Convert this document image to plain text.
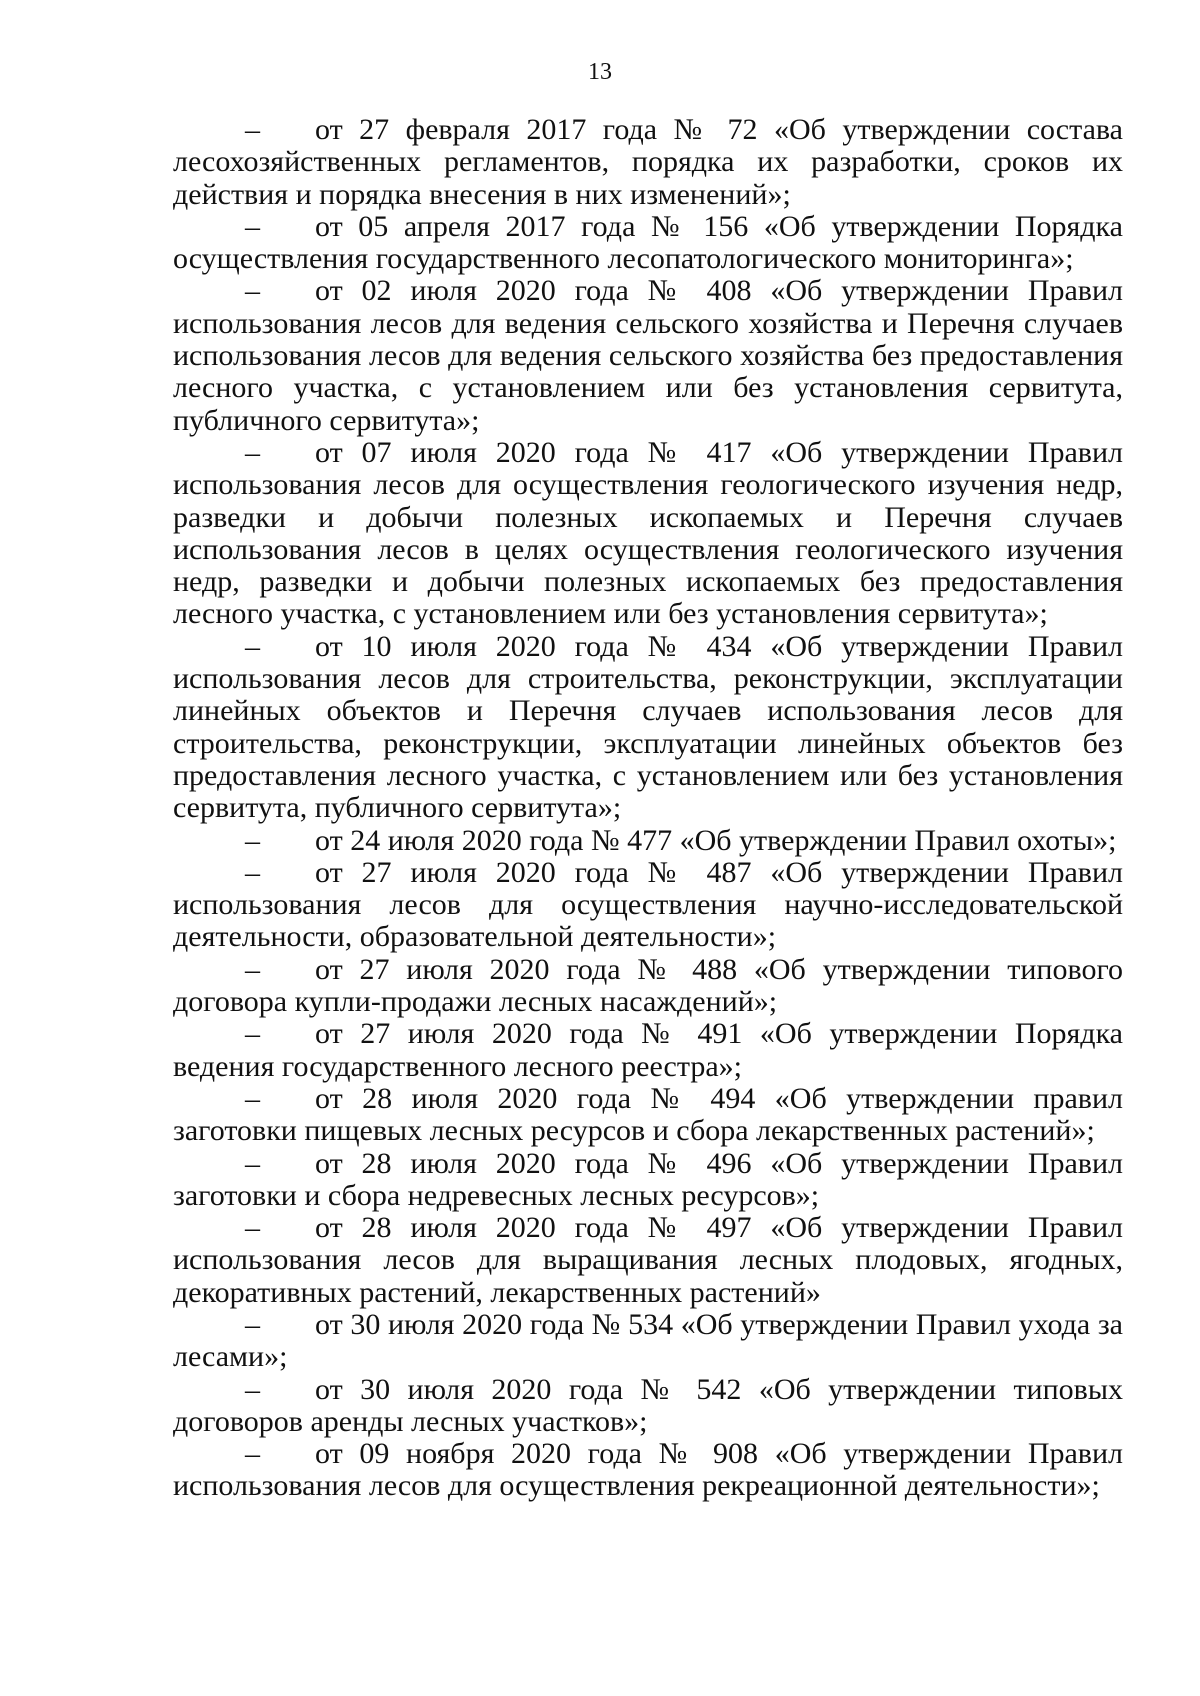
13
– от 27 февраля 2017 года № 72 «Об утверждении состава лесохозяйственных регламентов, порядка их разработки, сроков их действия и порядка внесения в них изменений»;
– от 05 апреля 2017 года № 156 «Об утверждении Порядка осуществления государственного лесопатологического мониторинга»;
– от 02 июля 2020 года № 408 «Об утверждении Правил использования лесов для ведения сельского хозяйства и Перечня случаев использования лесов для ведения сельского хозяйства без предоставления лесного участка, с установлением или без установления сервитута, публичного сервитута»;
– от 07 июля 2020 года № 417 «Об утверждении Правил использования лесов для осуществления геологического изучения недр, разведки и добычи полезных ископаемых и Перечня случаев использования лесов в целях осуществления геологического изучения недр, разведки и добычи полезных ископаемых без предоставления лесного участка, с установлением или без установления сервитута»;
– от 10 июля 2020 года № 434 «Об утверждении Правил использования лесов для строительства, реконструкции, эксплуатации линейных объектов и Перечня случаев использования лесов для строительства, реконструкции, эксплуатации линейных объектов без предоставления лесного участка, с установлением или без установления сервитута, публичного сервитута»;
– от 24 июля 2020 года № 477 «Об утверждении Правил охоты»;
– от 27 июля 2020 года № 487 «Об утверждении Правил использования лесов для осуществления научно-исследовательской деятельности, образовательной деятельности»;
– от 27 июля 2020 года № 488 «Об утверждении типового договора купли-продажи лесных насаждений»;
– от 27 июля 2020 года № 491 «Об утверждении Порядка ведения государственного лесного реестра»;
– от 28 июля 2020 года № 494 «Об утверждении правил заготовки пищевых лесных ресурсов и сбора лекарственных растений»;
– от 28 июля 2020 года № 496 «Об утверждении Правил заготовки и сбора недревесных лесных ресурсов»;
– от 28 июля 2020 года № 497 «Об утверждении Правил использования лесов для выращивания лесных плодовых, ягодных, декоративных растений, лекарственных растений»
– от 30 июля 2020 года № 534 «Об утверждении Правил ухода за лесами»;
– от 30 июля 2020 года № 542 «Об утверждении типовых договоров аренды лесных участков»;
– от 09 ноября 2020 года № 908 «Об утверждении Правил использования лесов для осуществления рекреационной деятельности»;
